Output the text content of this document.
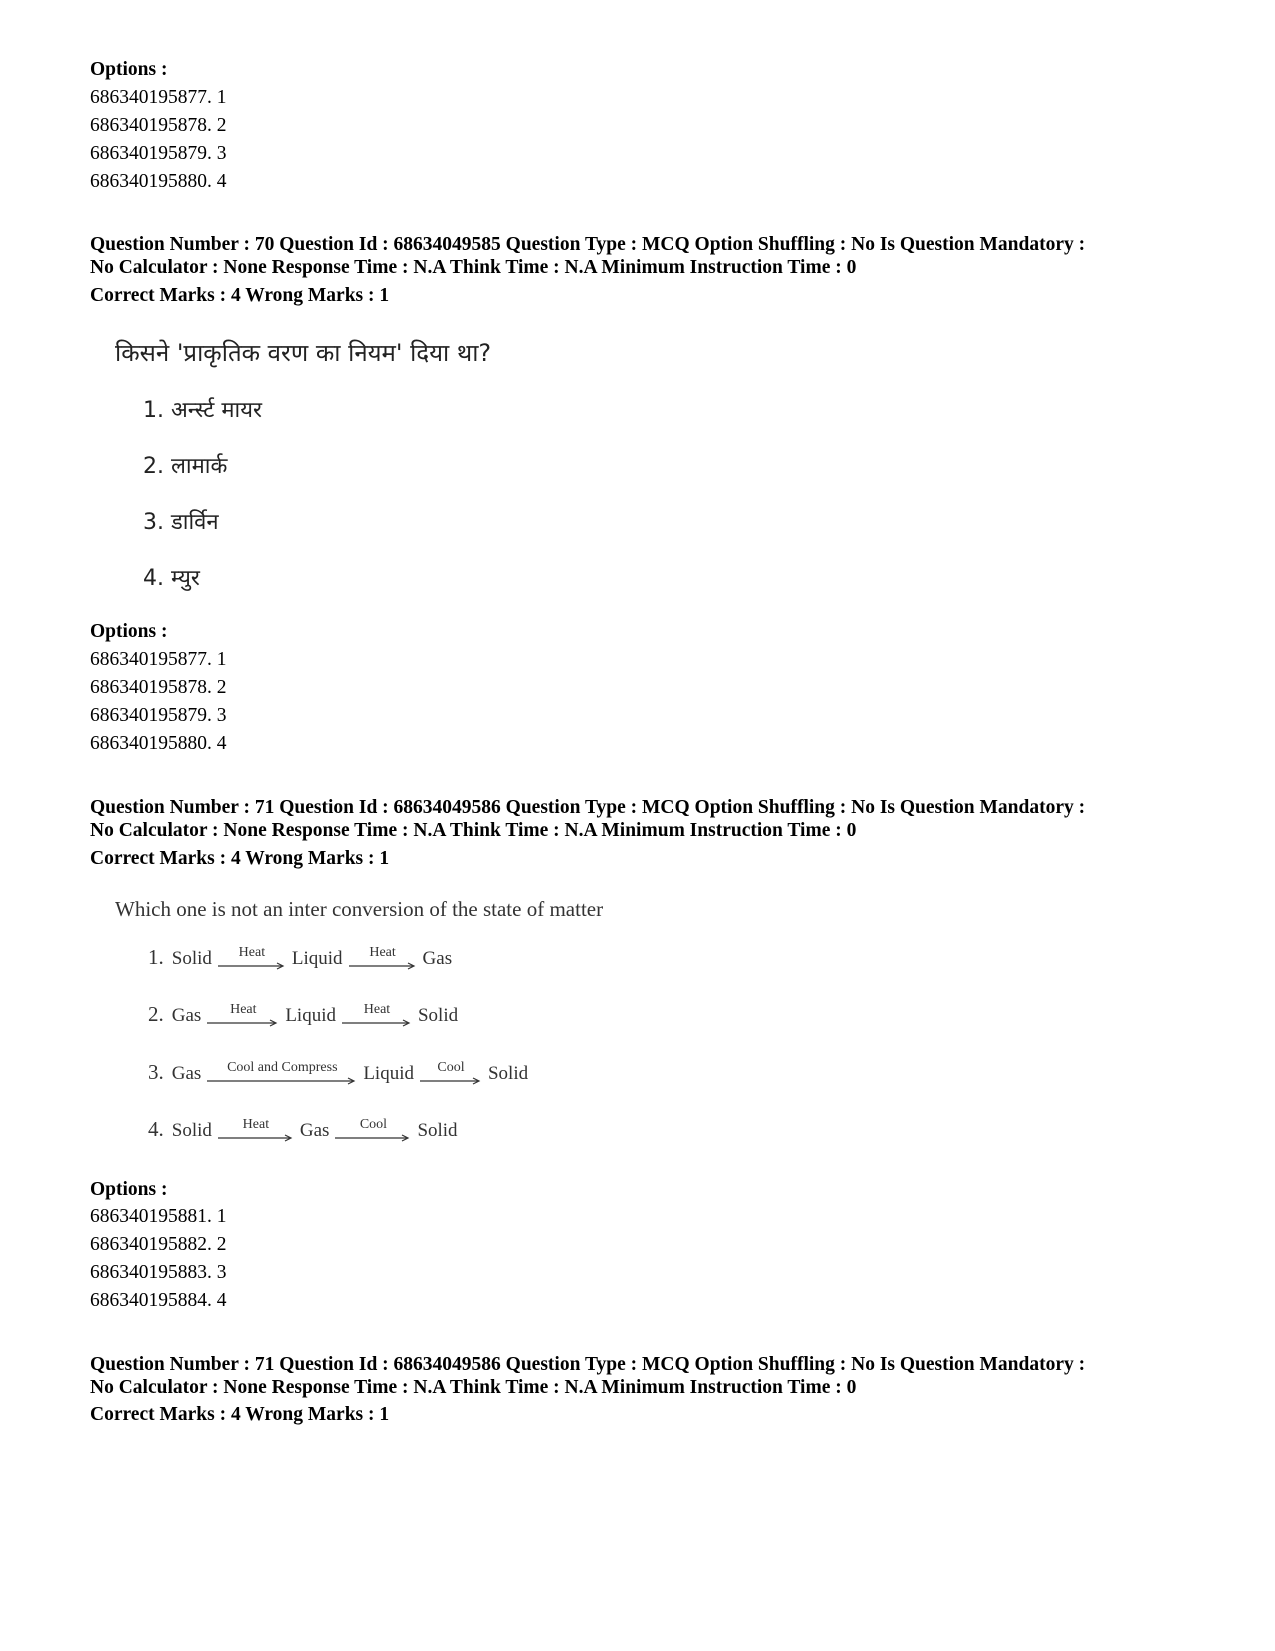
Options :
686340195877. 1
686340195878. 2
686340195879. 3
686340195880. 4
Question Number : 70 Question Id : 68634049585 Question Type : MCQ Option Shuffling : No Is Question Mandatory :
No Calculator : None Response Time : N.A Think Time : N.A Minimum Instruction Time : 0
Correct Marks : 4 Wrong Marks : 1
किसने 'प्राकृतिक वरण का नियम' दिया था?
1. अर्न्स्ट मायर
2. लामार्क
3. डार्विन
4. म्युर
Options :
686340195877. 1
686340195878. 2
686340195879. 3
686340195880. 4
Question Number : 71 Question Id : 68634049586 Question Type : MCQ Option Shuffling : No Is Question Mandatory :
No Calculator : None Response Time : N.A Think Time : N.A Minimum Instruction Time : 0
Correct Marks : 4 Wrong Marks : 1
Which one is not an inter conversion of the state of matter
1. Solid Heat Liquid Heat Gas
2. Gas Heat Liquid Heat Solid
3. Gas Cool and Compress Liquid Cool Solid
4. Solid Heat Gas Cool Solid
Options :
686340195881. 1
686340195882. 2
686340195883. 3
686340195884. 4
Question Number : 71 Question Id : 68634049586 Question Type : MCQ Option Shuffling : No Is Question Mandatory :
No Calculator : None Response Time : N.A Think Time : N.A Minimum Instruction Time : 0
Correct Marks : 4 Wrong Marks : 1
